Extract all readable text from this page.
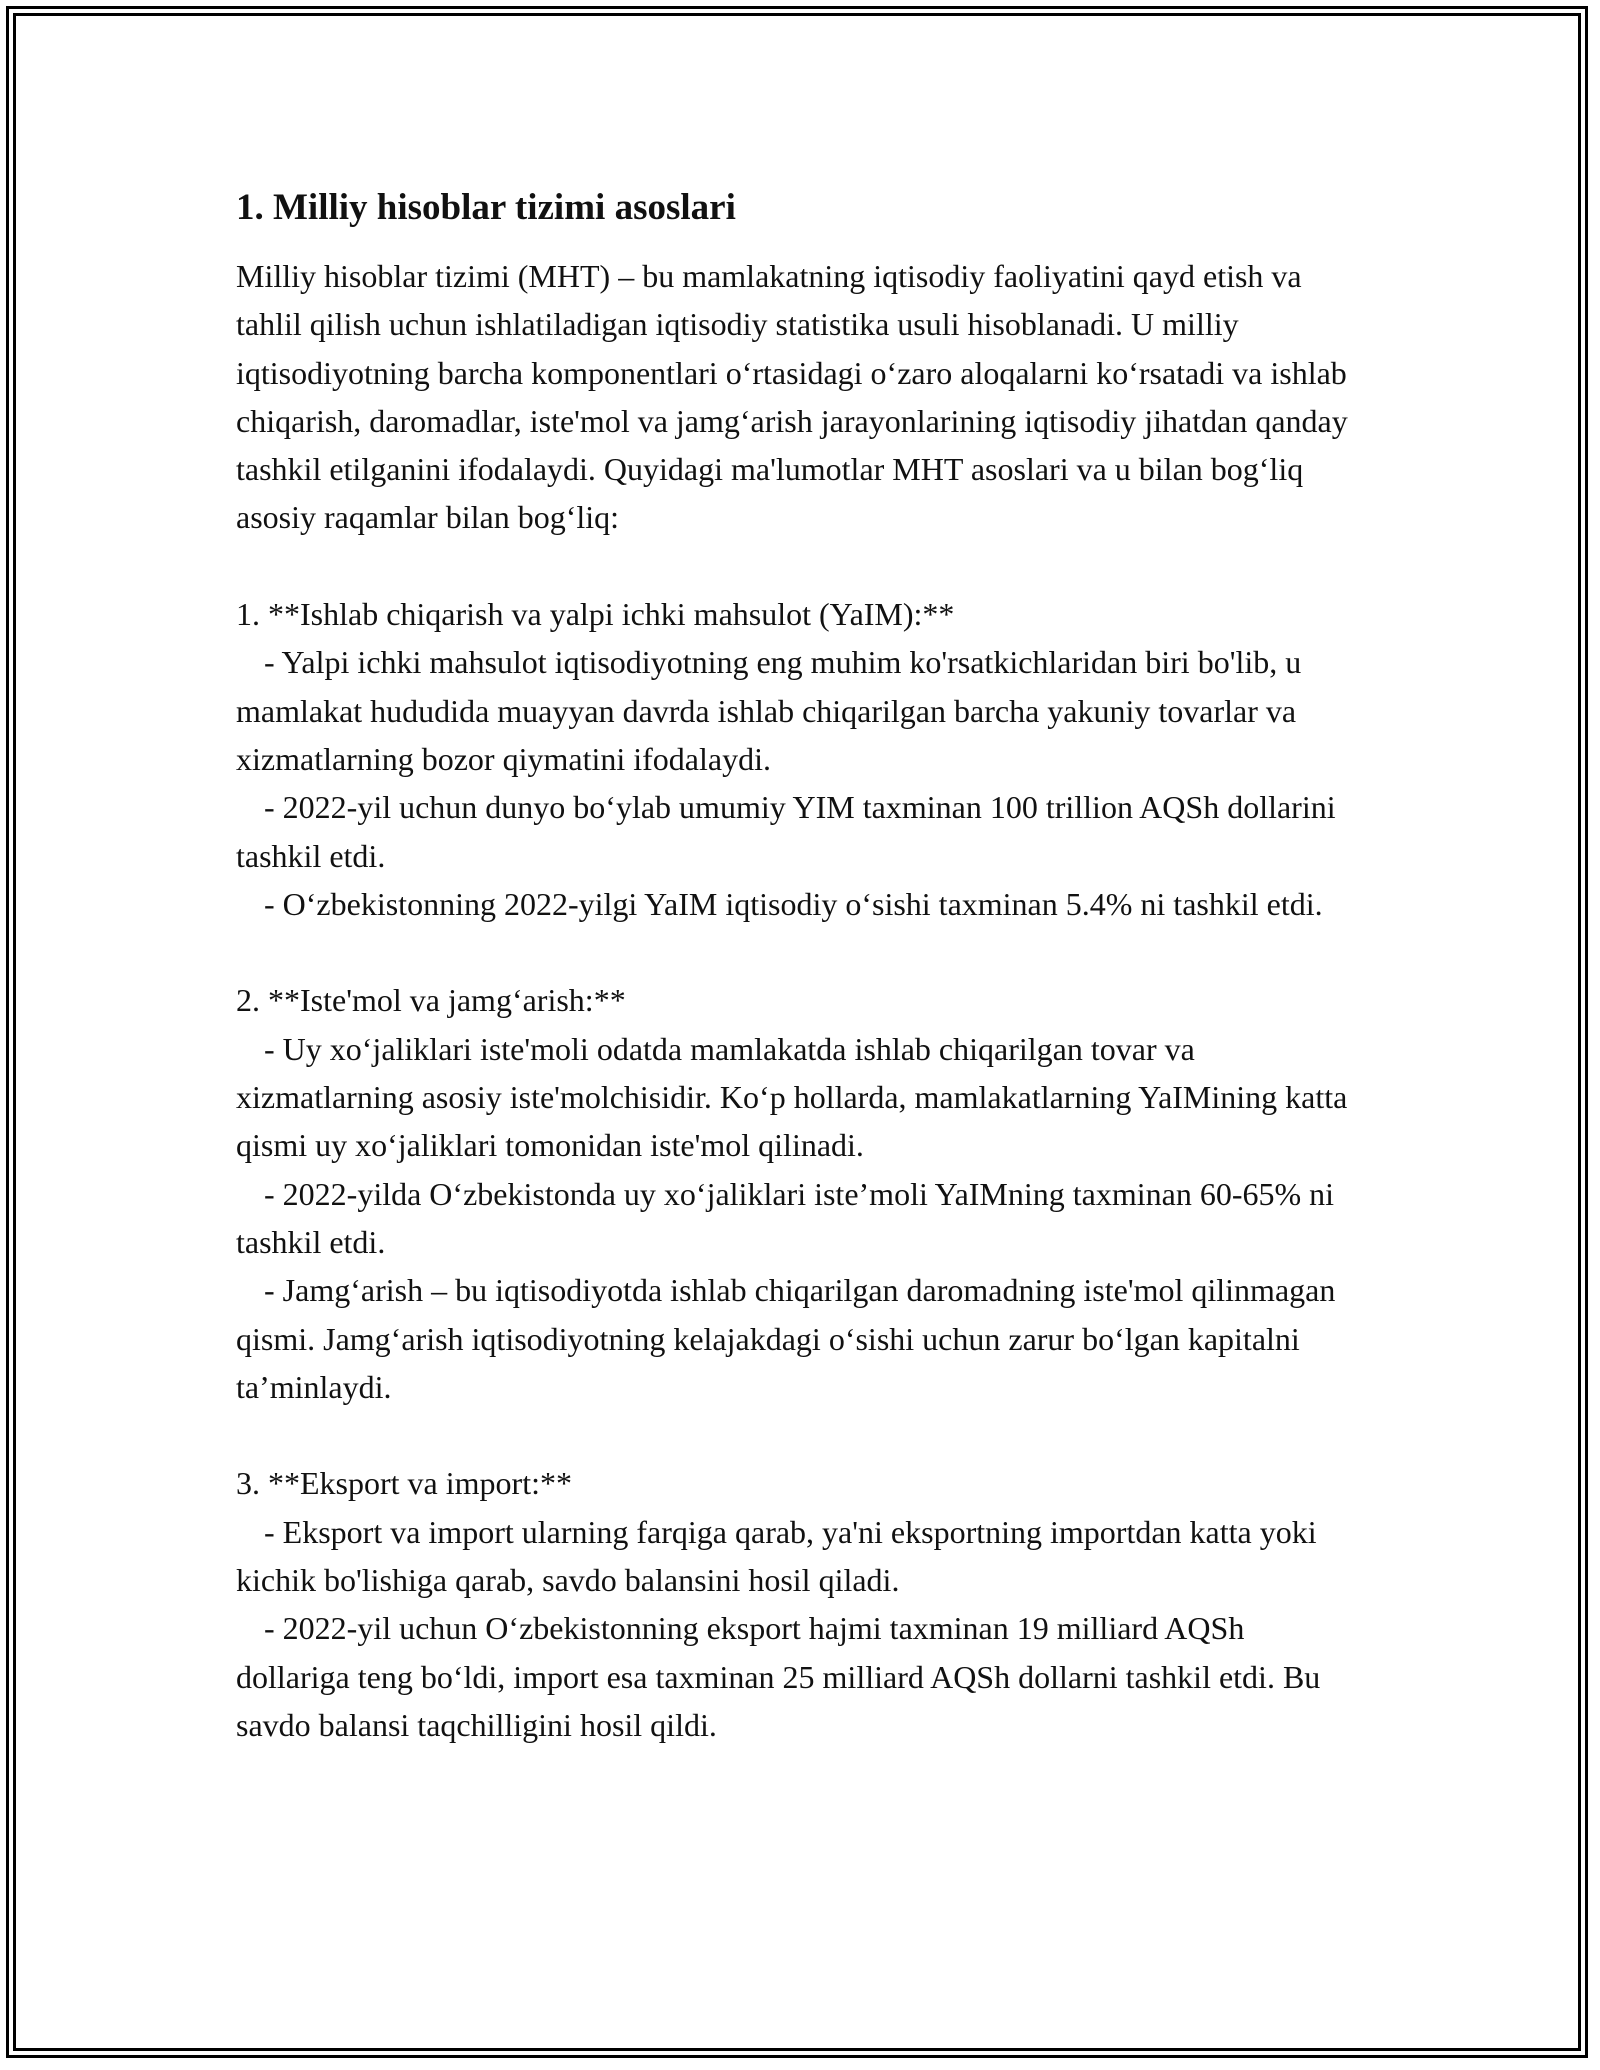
1. Milliy hisoblar tizimi asoslari

Milliy hisoblar tizimi (MHT) – bu mamlakatning iqtisodiy faoliyatini qayd etish va tahlil qilish uchun ishlatiladigan iqtisodiy statistika usuli hisoblanadi. U milliy iqtisodiyotning barcha komponentlari o‘rtasidagi o‘zaro aloqalarni ko‘rsatadi va ishlab chiqarish, daromadlar, iste'mol va jamg‘arish jarayonlarining iqtisodiy jihatdan qanday tashkil etilganini ifodalaydi. Quyidagi ma'lumotlar MHT asoslari va u bilan bog‘liq asosiy raqamlar bilan bog‘liq:

1. **Ishlab chiqarish va yalpi ichki mahsulot (YaIM):**

- Yalpi ichki mahsulot iqtisodiyotning eng muhim ko'rsatkichlaridan biri bo'lib, u mamlakat hududida muayyan davrda ishlab chiqarilgan barcha yakuniy tovarlar va xizmatlarning bozor qiymatini ifodalaydi.

- 2022-yil uchun dunyo bo‘ylab umumiy YIM taxminan 100 trillion AQSh dollarini tashkil etdi.

- O‘zbekistonning 2022-yilgi YaIM iqtisodiy o‘sishi taxminan 5.4% ni tashkil etdi.

2. **Iste'mol va jamg‘arish:**

- Uy xo‘jaliklari iste'moli odatda mamlakatda ishlab chiqarilgan tovar va xizmatlarning asosiy iste'molchisidir. Ko‘p hollarda, mamlakatlarning YaIMining katta qismi uy xo‘jaliklari tomonidan iste'mol qilinadi.

- 2022-yilda O‘zbekistonda uy xo‘jaliklari iste’moli YaIMning taxminan 60-65% ni tashkil etdi.

- Jamg‘arish – bu iqtisodiyotda ishlab chiqarilgan daromadning iste'mol qilinmagan qismi. Jamg‘arish iqtisodiyotning kelajakdagi o‘sishi uchun zarur bo‘lgan kapitalni ta’minlaydi.

3. **Eksport va import:**

- Eksport va import ularning farqiga qarab, ya'ni eksportning importdan katta yoki kichik bo'lishiga qarab, savdo balansini hosil qiladi.

- 2022-yil uchun O‘zbekistonning eksport hajmi taxminan 19 milliard AQSh dollariga teng bo‘ldi, import esa taxminan 25 milliard AQSh dollarni tashkil etdi. Bu savdo balansi taqchilligini hosil qildi.
